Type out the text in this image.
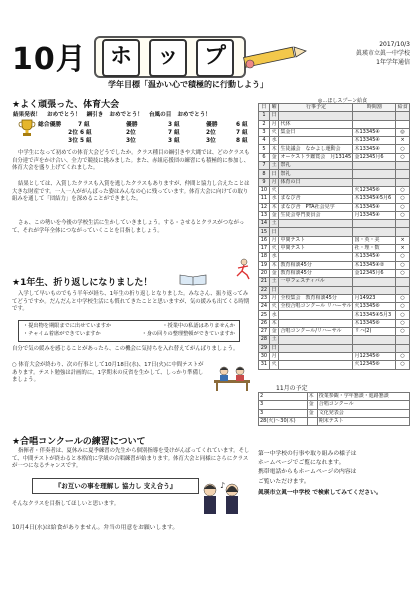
10月	ホ	ッ	プ	2017/10/3
眞瑛市立眞一中学校
1年学年通信
学年目標「温かい心で積極的に行動しよう」
◎…ほしスプーン給食
★よく頑張った、体育大会
結果発表！	おめでとう！	綱引き	おめでとう！	台風の目	おめでとう！
総合優勝	7 組	優勝	3 組	優勝	6 組
2位 6 組	2位	7 組	2位	7 組
3位 5 組	3位	3 組	3位	8 組
中学生になって初めての体育大会どうでしたか。クラス種目の綱引きや大縄では、どのクラスも自分達で声をかけ合い、全力で競技に挑みました。また、赤組応援団の練習にも積極的に参加し、体育大会を盛り上げてくれました。
結果としては、入賞したクラスも入賞を逃したクラスもありますが、仲間と協力し合えたことは大きな財産です。一人一人ががんばった姿はみんなの心に残っています。体育大会に向けての取り組みを通して「団結力」を深めることができました。
さぁ、この勢いを今後の学校生活に生かしていきましょう。する・させるとクラスがつながって、それが学年全体につながっていくことを目指しましょう。
★1年生、折り返しになりました！
入学して早いものでもう半年が経ち、1年生の折り返しとなりました。みなさん、振り返ってみてどうですか。だんだんと中学校生活にも慣れてきたことと思いますが、気の緩みも出てくる時期です。
・提出物を期限までに出せていますか	・授業中の私語はありませんか
・チャイム着席ができていますか	・身の回りの整理整頓ができていますか
自分で気の緩みを感じることがあったら、この機会に気持ちを入れ替えてがんばりましょう。
○ 体育大会が終わり、次の行事として10月18日(水)、17日(火)に中間テストがあります。テスト勉強は計画的に。1学期末の反省を生かして、しっかり準備しましょう。
★合唱コンクールの練習について
指揮者・伴奏者は、夏休みに夏季練習の先生から個別指導を受けがんばってくれています。そして、中間テストが終わると本格的に学級の合唱練習が始まります。体育大会と同様にさらにクラスが一つになるチャンスです。
『お互いの事を理解し 協力し 支え合う』
そんなクラスを目指してほしいと思います。
♪
10月4日(水)は給食がありません。弁当の用意をお願いします。
日	曜	行事予定	時間割	給食
1	日			
2	月	代休		
3	火	集金日	木13345④	◎
4	水		木13345④	×
5	木	生徒議会　なかよし運動会	木13345④	○
6	金	オーケストラ鑑賞会　月13145	金12345月6	○
7	土	祭礼		
8	日	祭礼		
9	月	体育の日		
10	火		火12345⑥	○
11	水	まなび舎	木13345④5月6	○
12	木	まなび舎　PTA社会見学	木13345④	○
13	金	生徒会専門委員会	月13345④	○
14	土			
15	日			
16	月	中間テスト	国・英・美	×
17	火	中間テスト	社・理・数	×
18	水		木13345④	○
19	木	教育相談45分	木13345④②	○
20	金	教育相談45分	金12345月6	○
21	土	一中フェスティバル		
22	日			
23	月	全校集会　教育相談45分	月14923	○
24	火	全校合唱コンクール リハーサル	火13345⑥	○
25	水		木13345④5月3	○
26	木		木13345⑥	○
27	金	合唱コンクール/リハーサル	リハ(2)	○
28	土			
29	日			
30	月		月12345⑥	○
31	火		火12345⑥	○
11月の予定
2	木	授業参観・学年懇談・進路懇談
3	金	合唱コンクール
3	金	文化発表会
28(火)〜30(木)		期末テスト
第一中学校の行事や取り組みの様子は
ホームページでご覧になれます。
携帯電話からもホームページの内容は
ご覧いただけます。
眞瑛市立眞一中学校 で検索してみてください。
